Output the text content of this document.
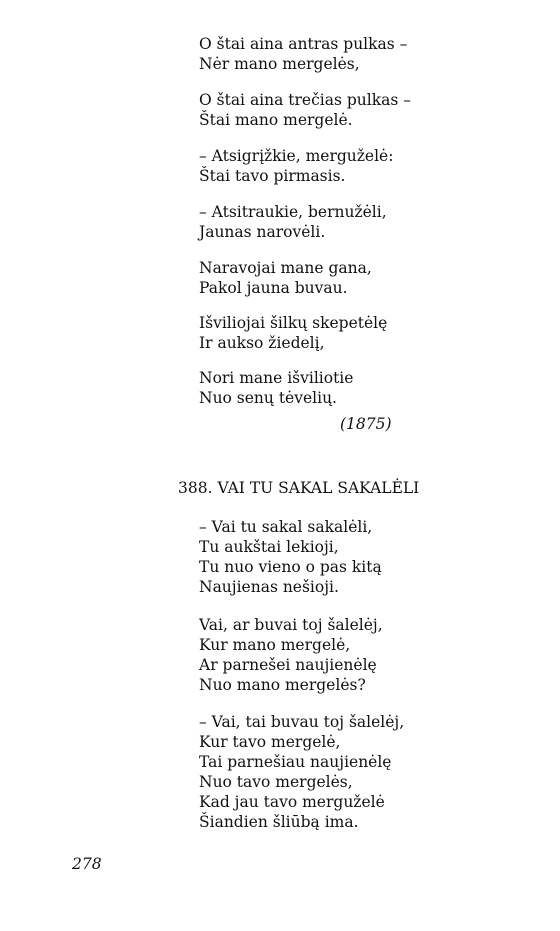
O štai aina antras pulkas –
Nėr mano mergelės,
O štai aina trečias pulkas –
Štai mano mergelė.
– Atsigrįžkie, merguželė:
Štai tavo pirmasis.
– Atsitraukie, bernužėli,
Jaunas narovėli.
Naravojai mane gana,
Pakol jauna buvau.
Išviliojai šilkų skepetėlę
Ir aukso žiedelį,
Nori mane išviliotie
Nuo senų tėvelių.
(1875)
388. VAI TU SAKAL SAKALĖLI
– Vai tu sakal sakalėli,
Tu aukštai lekioji,
Tu nuo vieno o pas kitą
Naujienas nešioji.
Vai, ar buvai toj šalelėj,
Kur mano mergelė,
Ar parnešei naujienėlę
Nuo mano mergelės?
– Vai, tai buvau toj šalelėj,
Kur tavo mergelė,
Tai parnešiau naujienėlę
Nuo tavo mergelės,
Kad jau tavo merguželė
Šiandien šliūbą ima.
278
